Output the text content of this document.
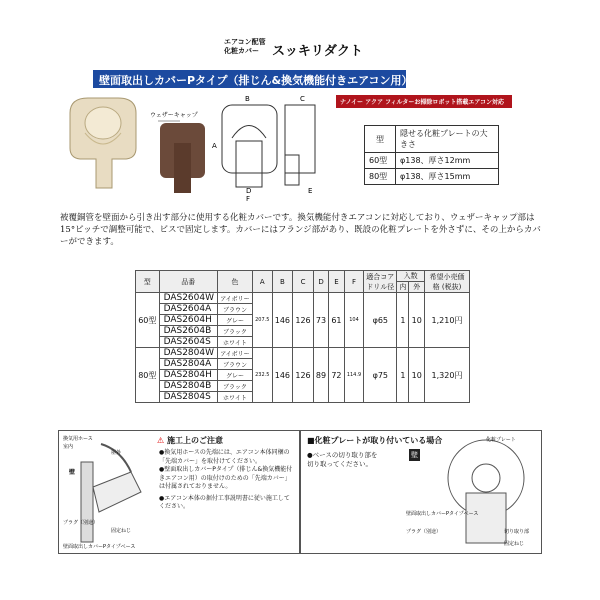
エアコン配管
化粧カバー	スッキリダクト
壁面取出しカバーPタイプ（排じん&換気機能付きエアコン用）
ウェザーキャップ
B	C
A
D
F
E
ナノイー アクア フィルターお掃除ロボット搭載エアコン対応
型	隠せる化粧プレートの大きさ
60型	φ138、厚さ12mm
80型	φ138、厚さ15mm
被覆銅管を壁面から引き出す部分に使用する化粧カバーです。換気機能付きエアコンに対応しており、ウェザーキャップ部は15°ピッチで調整可能で、ビスで固定します。カバーにはフランジ部があり、既設の化粧プレートを外さずに、その上からカバーができます。
型	品番	色	A	B	C	D	E	F	適合コア ドリル径	入数		希望小売価格 (税抜)
										内	外	
60型	DAS2604W	アイボリー	207.5	146	126	73	61	104	φ65	1	10	1,210円
	DAS2604A	ブラウン										
	DAS2604H	グレー										
	DAS2604B	ブラック										
	DAS2604S	ホワイト										
80型	DAS2804W	アイボリー	232.5	146	126	89	72	114.9	φ75	1	10	1,320円
	DAS2804A	ブラウン										
	DAS2804H	グレー										
	DAS2804B	ブラック										
	DAS2804S	ホワイト										
換気用ホース
室内
壁
屋外
プラグ（別途）
固定ねじ
壁面取出しカバーPタイプベース
⚠ 施工上のご注意
●換気用ホースの先端には、エアコン本体同梱の「先端カバー」を取付けてください。
●壁面取出しカバーPタイプ（排じん&換気機能付きエアコン用）の取付けのための「先端カバー」は付属されておりません。
●エアコン本体の据付工事説明書に従い施工してください。
■化粧プレートが取り付いている場合
●ベースの切り取り部を
切り取ってください。
壁
化粧プレート
壁面取出しカバーPタイプベース
プラグ（別途）	切り取り部
固定ねじ
